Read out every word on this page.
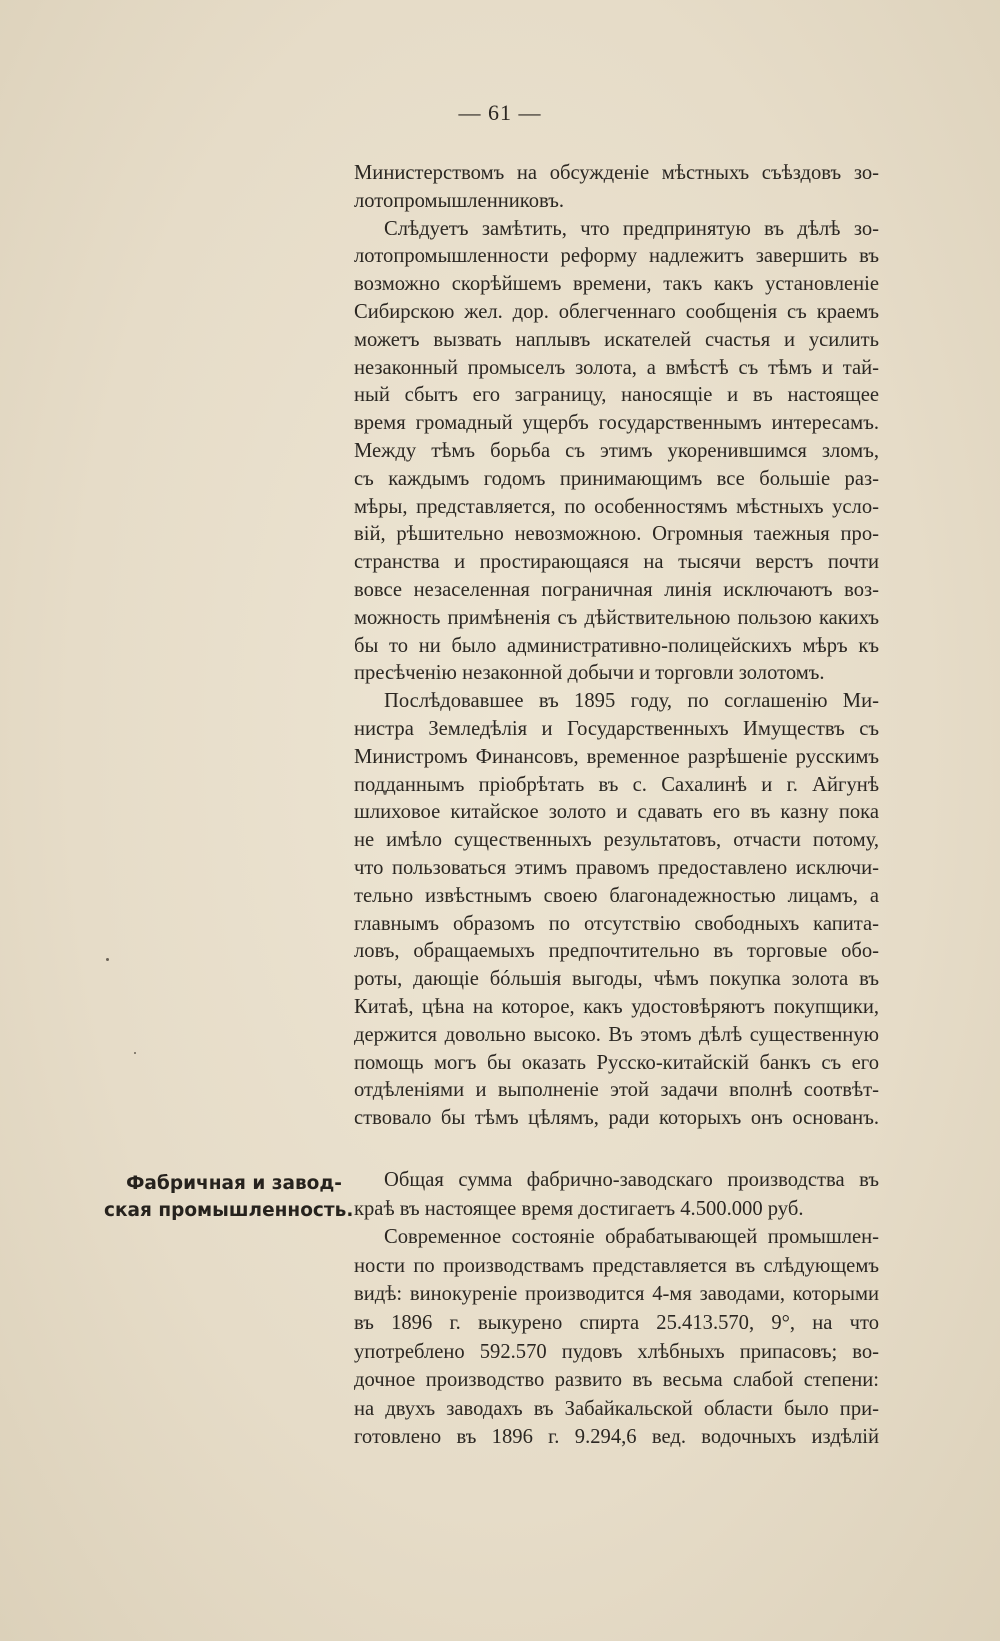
— 61 —
Министерствомъ на обсужденіе мѣстныхъ съѣздовъ зо-
лотопромышленниковъ.
Слѣдуетъ замѣтить, что предпринятую въ дѣлѣ зо-
лотопромышленности реформу надлежитъ завершить въ
возможно скорѣйшемъ времени, такъ какъ установленіе
Сибирскою жел. дор. облегченнаго сообщенія съ краемъ
можетъ вызвать наплывъ искателей счастья и усилить
незаконный промыселъ золота, а вмѣстѣ съ тѣмъ и тай-
ный сбытъ его заграницу, наносящіе и въ настоящее
время громадный ущербъ государственнымъ интересамъ.
Между тѣмъ борьба съ этимъ укоренившимся зломъ,
съ каждымъ годомъ принимающимъ все большіе раз-
мѣры, представляется, по особенностямъ мѣстныхъ усло-
вій, рѣшительно невозможною. Огромныя таежныя про-
странства и простирающаяся на тысячи верстъ почти
вовсе незаселенная пограничная линія исключаютъ воз-
можность примѣненія съ дѣйствительною пользою какихъ
бы то ни было административно-полицейскихъ мѣръ къ
пресѣченію незаконной добычи и торговли золотомъ.
Послѣдовавшее въ 1895 году, по соглашенію Ми-
нистра Земледѣлія и Государственныхъ Имуществъ съ
Министромъ Финансовъ, временное разрѣшеніе русскимъ
подданнымъ пріобрѣтать въ с. Сахалинѣ и г. Айгунѣ
шлиховое китайское золото и сдавать его въ казну пока
не имѣло существенныхъ результатовъ, отчасти потому,
что пользоваться этимъ правомъ предоставлено исключи-
тельно извѣстнымъ своею благонадежностью лицамъ, а
главнымъ образомъ по отсутствію свободныхъ капита-
ловъ, обращаемыхъ предпочтительно въ торговые обо-
роты, дающіе бóльшія выгоды, чѣмъ покупка золота въ
Китаѣ, цѣна на которое, какъ удостовѣряютъ покупщики,
держится довольно высоко. Въ этомъ дѣлѣ существенную
помощь могъ бы оказать Русско-китайскій банкъ съ его
отдѣленіями и выполненіе этой задачи вполнѣ соотвѣт-
ствовало бы тѣмъ цѣлямъ, ради которыхъ онъ основанъ.
Фабричная и завод-
ская промышленность.
Общая сумма фабрично-заводскаго производства въ
краѣ въ настоящее время достигаетъ 4.500.000 руб.
Современное состояніе обрабатывающей промышлен-
ности по производствамъ представляется въ слѣдующемъ
видѣ: винокуреніе производится 4-мя заводами, которыми
въ 1896 г. выкурено спирта 25.413.570, 9°, на что
употреблено 592.570 пудовъ хлѣбныхъ припасовъ; во-
дочное производство развито въ весьма слабой степени:
на двухъ заводахъ въ Забайкальской области было при-
готовлено въ 1896 г. 9.294,6 вед. водочныхъ издѣлій
